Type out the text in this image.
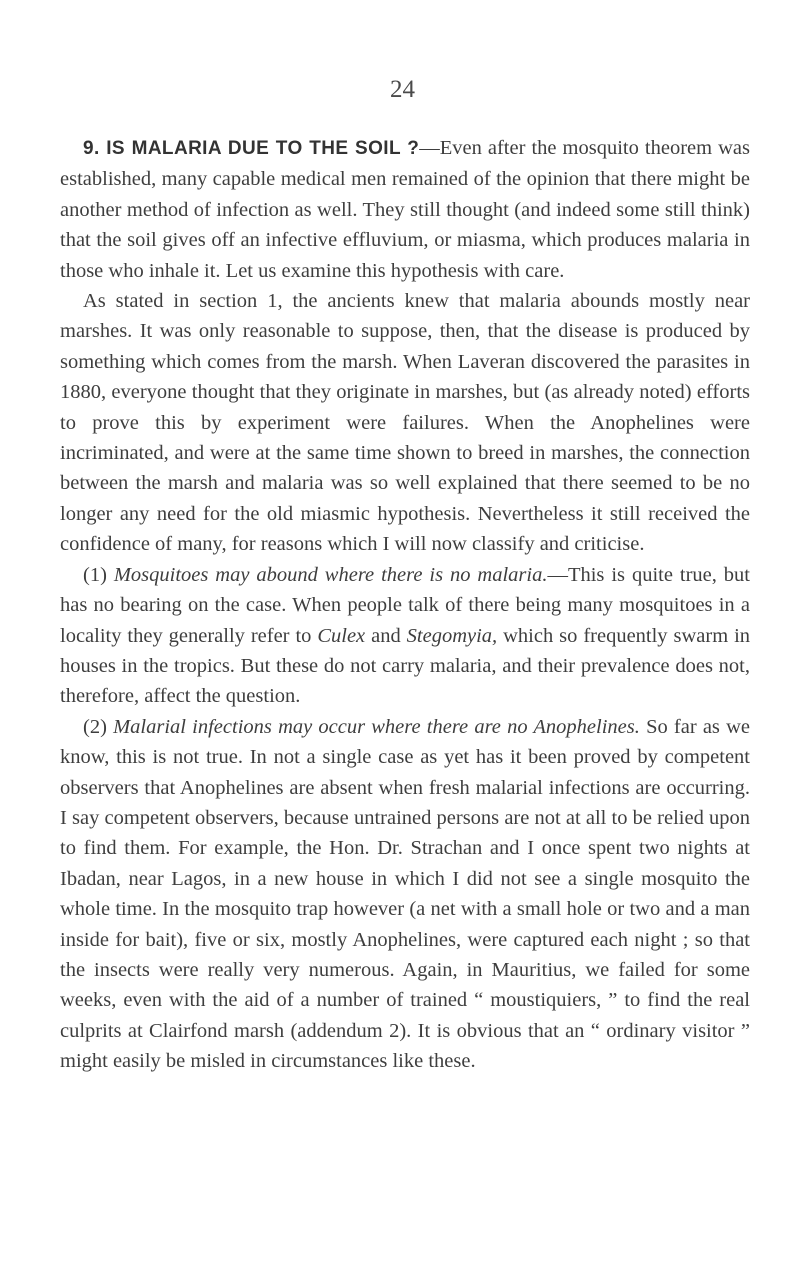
24

9. IS MALARIA DUE TO THE SOIL ?—Even after the mosquito theorem was established, many capable medical men remained of the opinion that there might be another method of infection as well. They still thought (and indeed some still think) that the soil gives off an infective effluvium, or miasma, which produces malaria in those who inhale it. Let us examine this hypothesis with care.

As stated in section 1, the ancients knew that malaria abounds mostly near marshes. It was only reasonable to suppose, then, that the disease is produced by something which comes from the marsh. When Laveran discovered the parasites in 1880, everyone thought that they originate in marshes, but (as already noted) efforts to prove this by experiment were failures. When the Anophelines were incriminated, and were at the same time shown to breed in marshes, the connection between the marsh and malaria was so well explained that there seemed to be no longer any need for the old miasmic hypothesis. Nevertheless it still received the confidence of many, for reasons which I will now classify and criticise.

(1) Mosquitoes may abound where there is no malaria.—This is quite true, but has no bearing on the case. When people talk of there being many mosquitoes in a locality they generally refer to Culex and Stegomyia, which so frequently swarm in houses in the tropics. But these do not carry malaria, and their prevalence does not, therefore, affect the question.

(2) Malarial infections may occur where there are no Anophelines. So far as we know, this is not true. In not a single case as yet has it been proved by competent observers that Anophelines are absent when fresh malarial infections are occurring. I say competent observers, because untrained persons are not at all to be relied upon to find them. For example, the Hon. Dr. Strachan and I once spent two nights at Ibadan, near Lagos, in a new house in which I did not see a single mosquito the whole time. In the mosquito trap however (a net with a small hole or two and a man inside for bait), five or six, mostly Anophelines, were captured each night ; so that the insects were really very numerous. Again, in Mauritius, we failed for some weeks, even with the aid of a number of trained “ moustiquiers, ” to find the real culprits at Clairfond marsh (addendum 2). It is obvious that an “ ordinary visitor ” might easily be misled in circumstances like these.
